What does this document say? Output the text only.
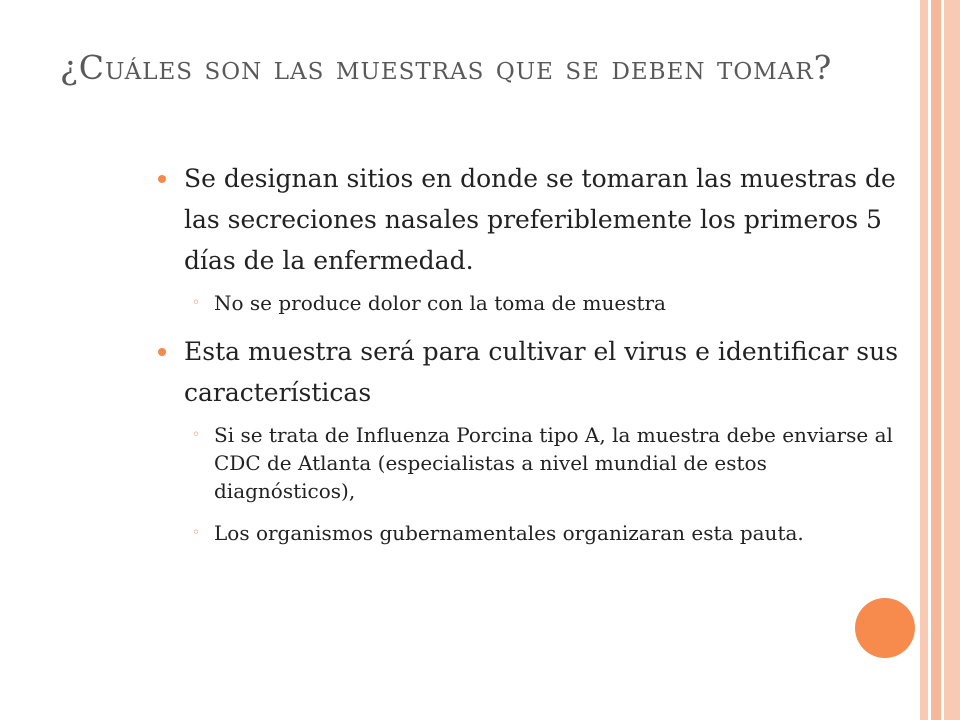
¿Cuáles son las muestras que se deben tomar?
Se designan sitios en donde se tomaran las muestras de las secreciones nasales preferiblemente los primeros 5 días de la enfermedad.
◦ No se produce dolor con la toma de muestra
Esta muestra será para cultivar el virus e identificar sus características
◦ Si se trata de Influenza Porcina tipo A, la muestra debe enviarse al CDC de Atlanta (especialistas a nivel mundial de estos diagnósticos),
◦ Los organismos gubernamentales organizaran esta pauta.
